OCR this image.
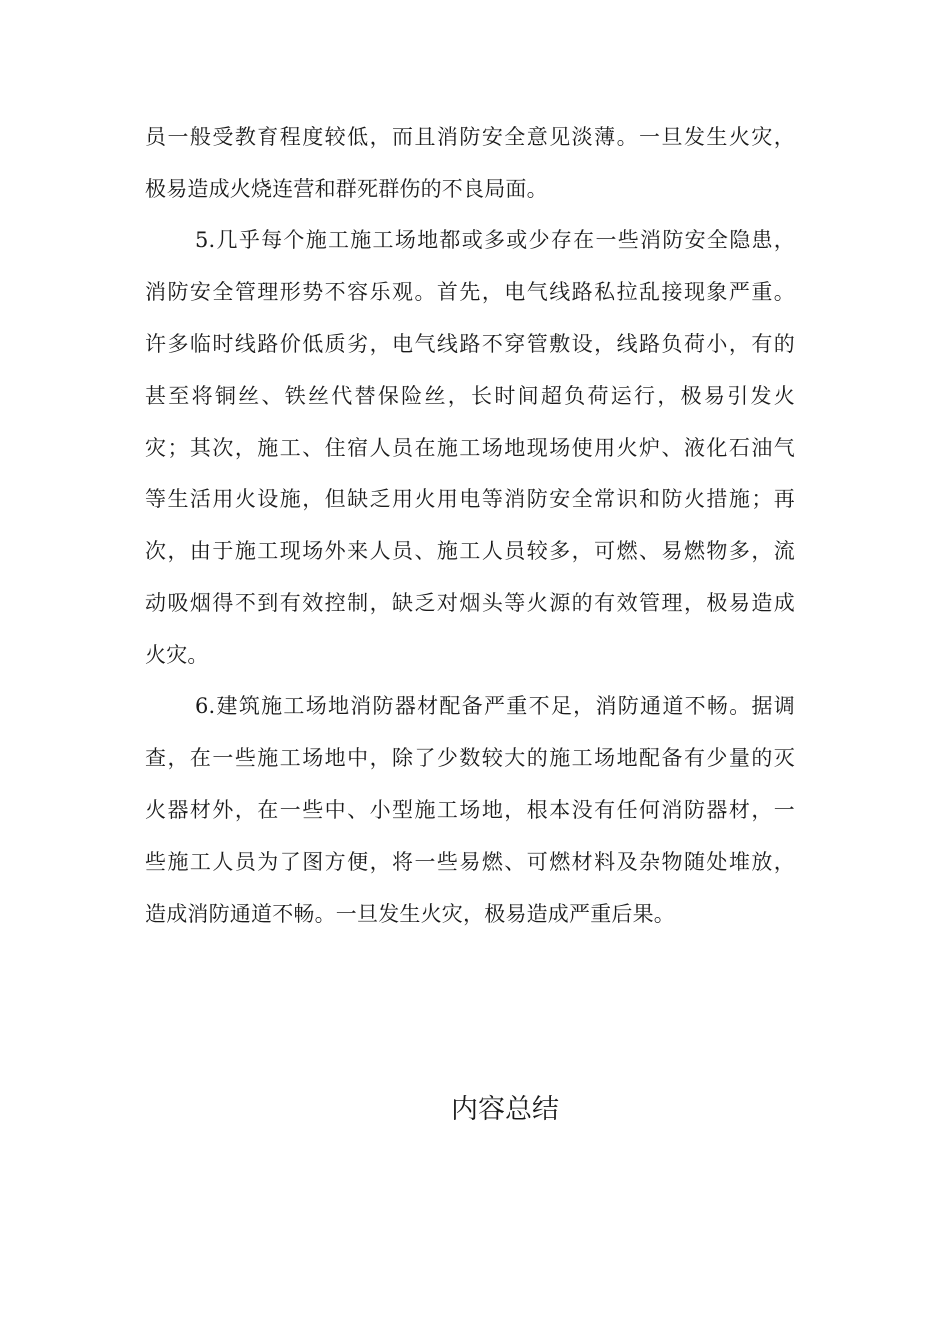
员一般受教育程度较低，而且消防安全意见淡薄。一旦发生火灾，
极易造成火烧连营和群死群伤的不良局面。
5.几乎每个施工施工场地都或多或少存在一些消防安全隐患，
消防安全管理形势不容乐观。首先，电气线路私拉乱接现象严重。
许多临时线路价低质劣，电气线路不穿管敷设，线路负荷小，有的
甚至将铜丝、铁丝代替保险丝，长时间超负荷运行，极易引发火
灾；其次，施工、住宿人员在施工场地现场使用火炉、液化石油气
等生活用火设施，但缺乏用火用电等消防安全常识和防火措施；再
次，由于施工现场外来人员、施工人员较多，可燃、易燃物多，流
动吸烟得不到有效控制，缺乏对烟头等火源的有效管理，极易造成
火灾。
6.建筑施工场地消防器材配备严重不足，消防通道不畅。据调
查，在一些施工场地中，除了少数较大的施工场地配备有少量的灭
火器材外，在一些中、小型施工场地，根本没有任何消防器材，一
些施工人员为了图方便，将一些易燃、可燃材料及杂物随处堆放，
造成消防通道不畅。一旦发生火灾，极易造成严重后果。
内容总结
